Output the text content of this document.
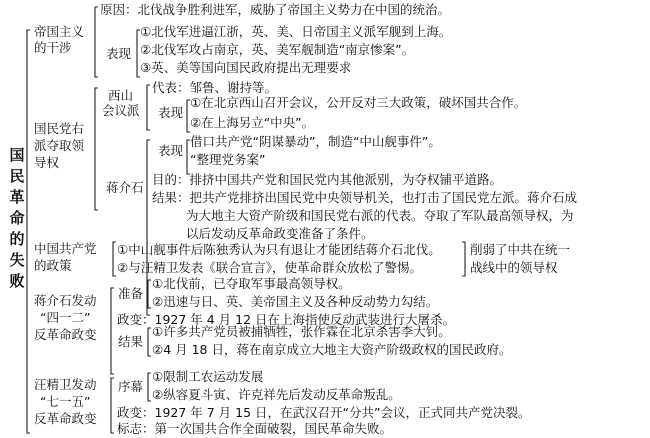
国
民
革
命
的
失
败
帝国主义
的干涉
原因：北伐战争胜利进军，威胁了帝国主义势力在中国的统治。
表现
①北伐军进逼江浙，英、美、日帝国主义派军舰到上海。
②北伐军攻占南京，英、美军舰制造“南京惨案”。
③英、美等国向国民政府提出无理要求
国民党右
派夺取领
导权
西山
会议派
代表：邹鲁、谢持等。
表现
①在北京西山召开会议，公开反对三大政策，破坏国共合作。
②在上海另立“中央”。
蒋介石
表现
借口共产党“阴谋暴动”，制造“中山舰事件”。
“整理党务案”
目的：排挤中国共产党和国民党内其他派别，为夺权铺平道路。
结果：把共产党排挤出国民党中央领导机关，也打击了国民党左派。蒋介石成
为大地主大资产阶级和国民党右派的代表。夺取了军队最高领导权，为
以后发动反革命政变准备了条件。
中国共产党
的政策
①中山舰事件后陈独秀认为只有退让才能团结蒋介石北伐。
②与汪精卫发表《联合宣言》，使革命群众放松了警惕。
削弱了中共在统一
战线中的领导权
蒋介石发动
“四一二”
反革命政变
准备
①北伐前，已夺取军事最高领导权。
②迅速与日、英、美帝国主义及各种反动势力勾结。
政变：1927 年 4 月 12 日在上海指使反动武装进行大屠杀。
结果
①许多共产党员被捕牺牲，张作霖在北京杀害李大钊。
②4 月 18 日，蒋在南京成立大地主大资产阶级政权的国民政府。
汪精卫发动
“七一五”
反革命政变
序幕
①限制工农运动发展
②纵容夏斗寅、许克祥先后发动反革命叛乱。
政变：1927 年 7 月 15 日，在武汉召开“分共”会议，正式同共产党决裂。
标志：第一次国共合作全面破裂，国民革命失败。
